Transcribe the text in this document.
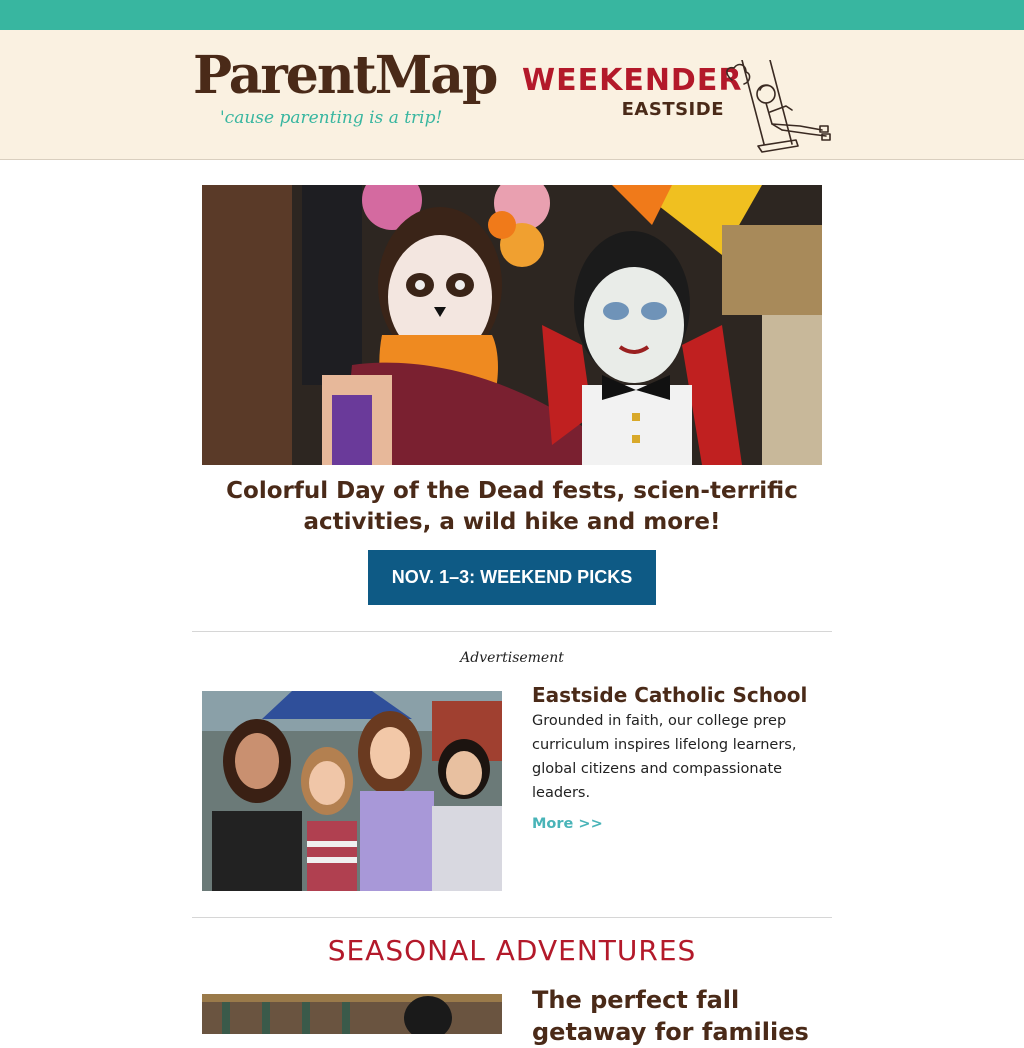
ParentMap
'cause parenting is a trip!
WEEKENDER
EASTSIDE
Colorful Day of the Dead fests, scien-terrific activities, a wild hike and more!
NOV. 1–3: WEEKEND PICKS
Advertisement
Eastside Catholic School
Grounded in faith, our college prep curriculum inspires lifelong learners, global citizens and compassionate leaders.
More >>
SEASONAL ADVENTURES
The perfect fall getaway for families
